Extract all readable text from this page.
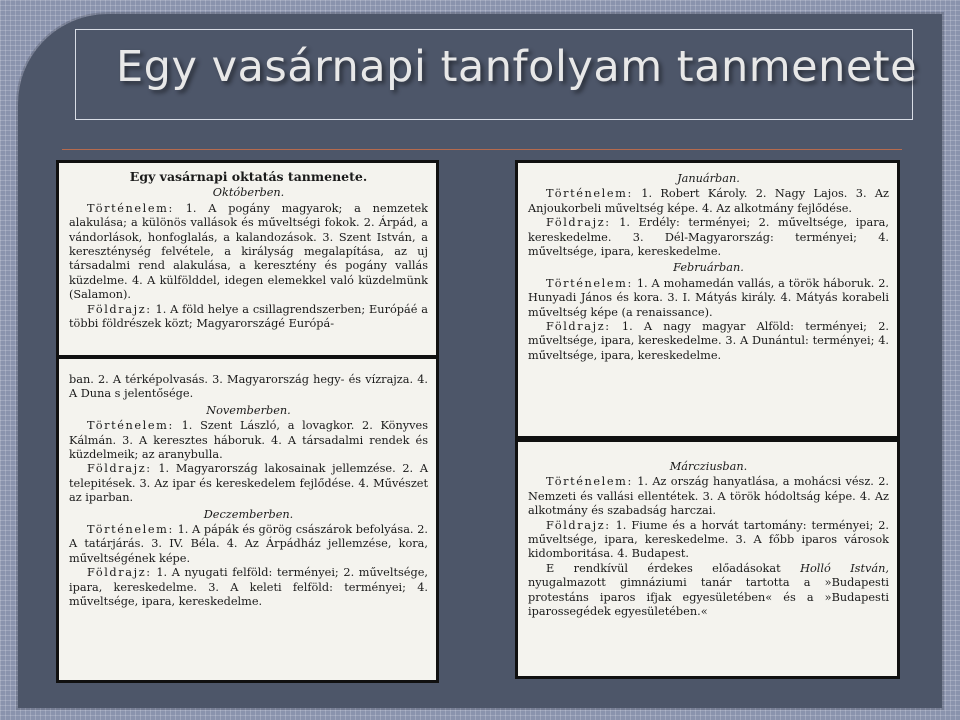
Egy vasárnapi tanfolyam tanmenete

Egy vasárnapi oktatás tanmenete.

Októberben.

Történelem: 1. A pogány magyarok; a nemzetek alakulása; a különös vallások és műveltségi fokok. 2. Árpád, a vándorlások, honfoglalás, a kalandozások. 3. Szent István, a kereszténység felvétele, a királyság megalapítása, az uj társadalmi rend alakulása, a keresztény és pogány vallás küzdelme. 4. A külfölddel, idegen elemekkel való küzdelmünk (Salamon).

Földrajz: 1. A föld helye a csillagrendszerben; Európáé a többi földrészek közt; Magyarországé Európá-

ban. 2. A térképolvasás. 3. Magyarország hegy- és vízrajza. 4. A Duna s jelentősége.

Novemberben.

Történelem: 1. Szent László, a lovagkor. 2. Könyves Kálmán. 3. A keresztes háboruk. 4. A társadalmi rendek és küzdelmeik; az aranybulla.

Földrajz: 1. Magyarország lakosainak jellemzése. 2. A telepitések. 3. Az ipar és kereskedelem fejlődése. 4. Művészet az iparban.

Deczemberben.

Történelem: 1. A pápák és görög császárok befolyása. 2. A tatárjárás. 3. IV. Béla. 4. Az Árpádház jellemzése, kora, műveltségének képe.

Földrajz: 1. A nyugati felföld: terményei; 2. műveltsége, ipara, kereskedelme. 3. A keleti felföld: terményei; 4. műveltsége, ipara, kereskedelme.

Januárban.

Történelem: 1. Robert Károly. 2. Nagy Lajos. 3. Az Anjoukorbeli műveltség képe. 4. Az alkotmány fejlődése.

Földrajz: 1. Erdély: terményei; 2. műveltsége, ipara, kereskedelme. 3. Dél-Magyarország: terményei; 4. műveltsége, ipara, kereskedelme.

Februárban.

Történelem: 1. A mohamedán vallás, a török háboruk. 2. Hunyadi János és kora. 3. I. Mátyás király. 4. Mátyás korabeli műveltség képe (a renaissance).

Földrajz: 1. A nagy magyar Alföld: terményei; 2. műveltsége, ipara, kereskedelme. 3. A Dunántul: terményei; 4. műveltsége, ipara, kereskedelme.

Márcziusban.

Történelem: 1. Az ország hanyatlása, a mohácsi vész. 2. Nemzeti és vallási ellentétek. 3. A török hódoltság képe. 4. Az alkotmány és szabadság harczai.

Földrajz: 1. Fiume és a horvát tartomány: terményei; 2. műveltsége, ipara, kereskedelme. 3. A főbb iparos városok kidomboritása. 4. Budapest.

E rendkívül érdekes előadásokat Holló István, nyugalmazott gimnáziumi tanár tartotta a »Budapesti protestáns iparos ifjak egyesületében« és a »Budapesti iparossegédek egyesületében.«
